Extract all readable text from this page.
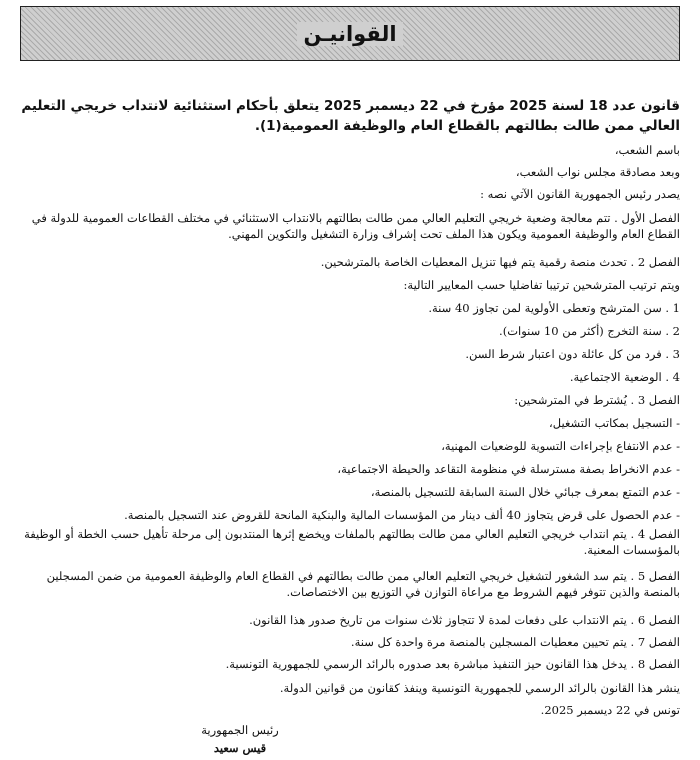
القوانيـن
قانون عدد 18 لسنة 2025 مؤرخ في 22 ديسمبر 2025 يتعلق بأحكام استثنائية لانتداب خريجي التعليم العالي ممن طالت بطالتهم بالقطاع العام والوظيفة العمومية(1).
باسم الشعب،
وبعد مصادقة مجلس نواب الشعب،
يصدر رئيس الجمهورية القانون الآتي نصه :
الفصل الأول . تتم معالجة وضعية خريجي التعليم العالي ممن طالت بطالتهم بالانتداب الاستثنائي في مختلف القطاعات العمومية للدولة في القطاع العام والوظيفة العمومية ويكون هذا الملف تحت إشراف وزارة التشغيل والتكوين المهني.
الفصل 2 . تحدث منصة رقمية يتم فيها تنزيل المعطيات الخاصة بالمترشحين.
ويتم ترتيب المترشحين ترتيبا تفاضليا حسب المعايير التالية:
1 . سن المترشح وتعطى الأولوية لمن تجاوز 40 سنة.
2 . سنة التخرج (أكثر من 10 سنوات).
3 . فرد من كل عائلة دون اعتبار شرط السن.
4 . الوضعية الاجتماعية.
الفصل 3 . يُشترط في المترشحين:
- التسجيل بمكاتب التشغيل،
- عدم الانتفاع بإجراءات التسوية للوضعيات المهنية،
- عدم الانخراط بصفة مسترسلة في منظومة التقاعد والحيطة الاجتماعية،
- عدم التمتع بمعرف جبائي خلال السنة السابقة للتسجيل بالمنصة،
- عدم الحصول على قرض يتجاوز 40 ألف دينار من المؤسسات المالية والبنكية المانحة للقروض عند التسجيل بالمنصة.
الفصل 4 . يتم انتداب خريجي التعليم العالي ممن طالت بطالتهم بالملفات ويخضع إثرها المنتدبون إلى مرحلة تأهيل حسب الخطة أو الوظيفة بالمؤسسات المعنية.
الفصل 5 . يتم سد الشغور لتشغيل خريجي التعليم العالي ممن طالت بطالتهم في القطاع العام والوظيفة العمومية من ضمن المسجلين بالمنصة والذين تتوفر فيهم الشروط مع مراعاة التوازن في التوزيع بين الاختصاصات.
الفصل 6 . يتم الانتداب على دفعات لمدة لا تتجاوز ثلاث سنوات من تاريخ صدور هذا القانون.
الفصل 7 . يتم تحيين معطيات المسجلين بالمنصة مرة واحدة كل سنة.
الفصل 8 . يدخل هذا القانون حيز التنفيذ مباشرة بعد صدوره بالرائد الرسمي للجمهورية التونسية.
ينشر هذا القانون بالرائد الرسمي للجمهورية التونسية وينفذ كقانون من قوانين الدولة.
تونس في 22 ديسمبر 2025.
رئيس الجمهورية
قيس سعيد
